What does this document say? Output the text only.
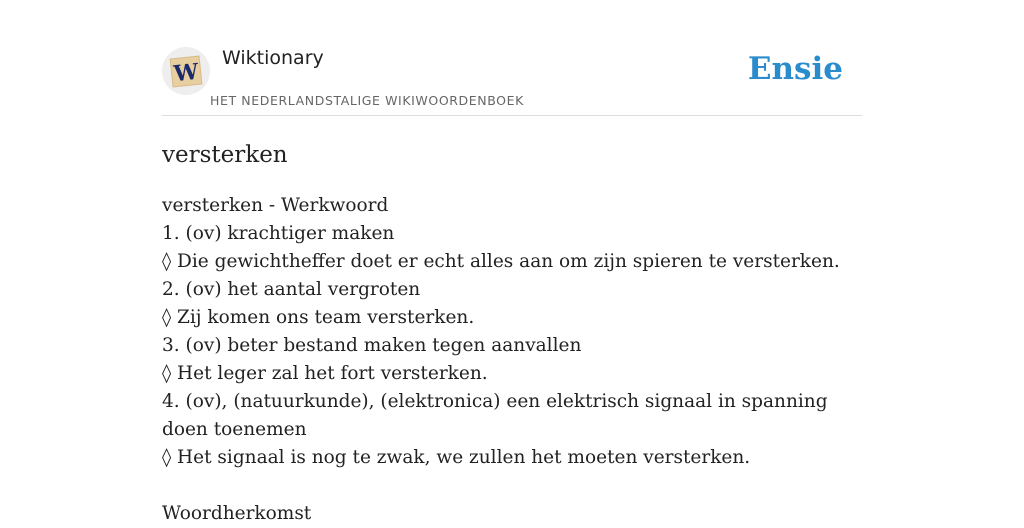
W
Wiktionary
HET NEDERLANDSTALIGE WIKIWOORDENBOEK
Ensie
versterken

versterken - Werkwoord

1. (ov) krachtiger maken

◊ Die gewichtheffer doet er echt alles aan om zijn spieren te versterken.

2. (ov) het aantal vergroten

◊ Zij komen ons team versterken.

3. (ov) beter bestand maken tegen aanvallen

◊ Het leger zal het fort versterken.

4. (ov), (natuurkunde), (elektronica) een elektrisch signaal in spanning doen toenemen

◊ Het signaal is nog te zwak, we zullen het moeten versterken.

Woordherkomst
